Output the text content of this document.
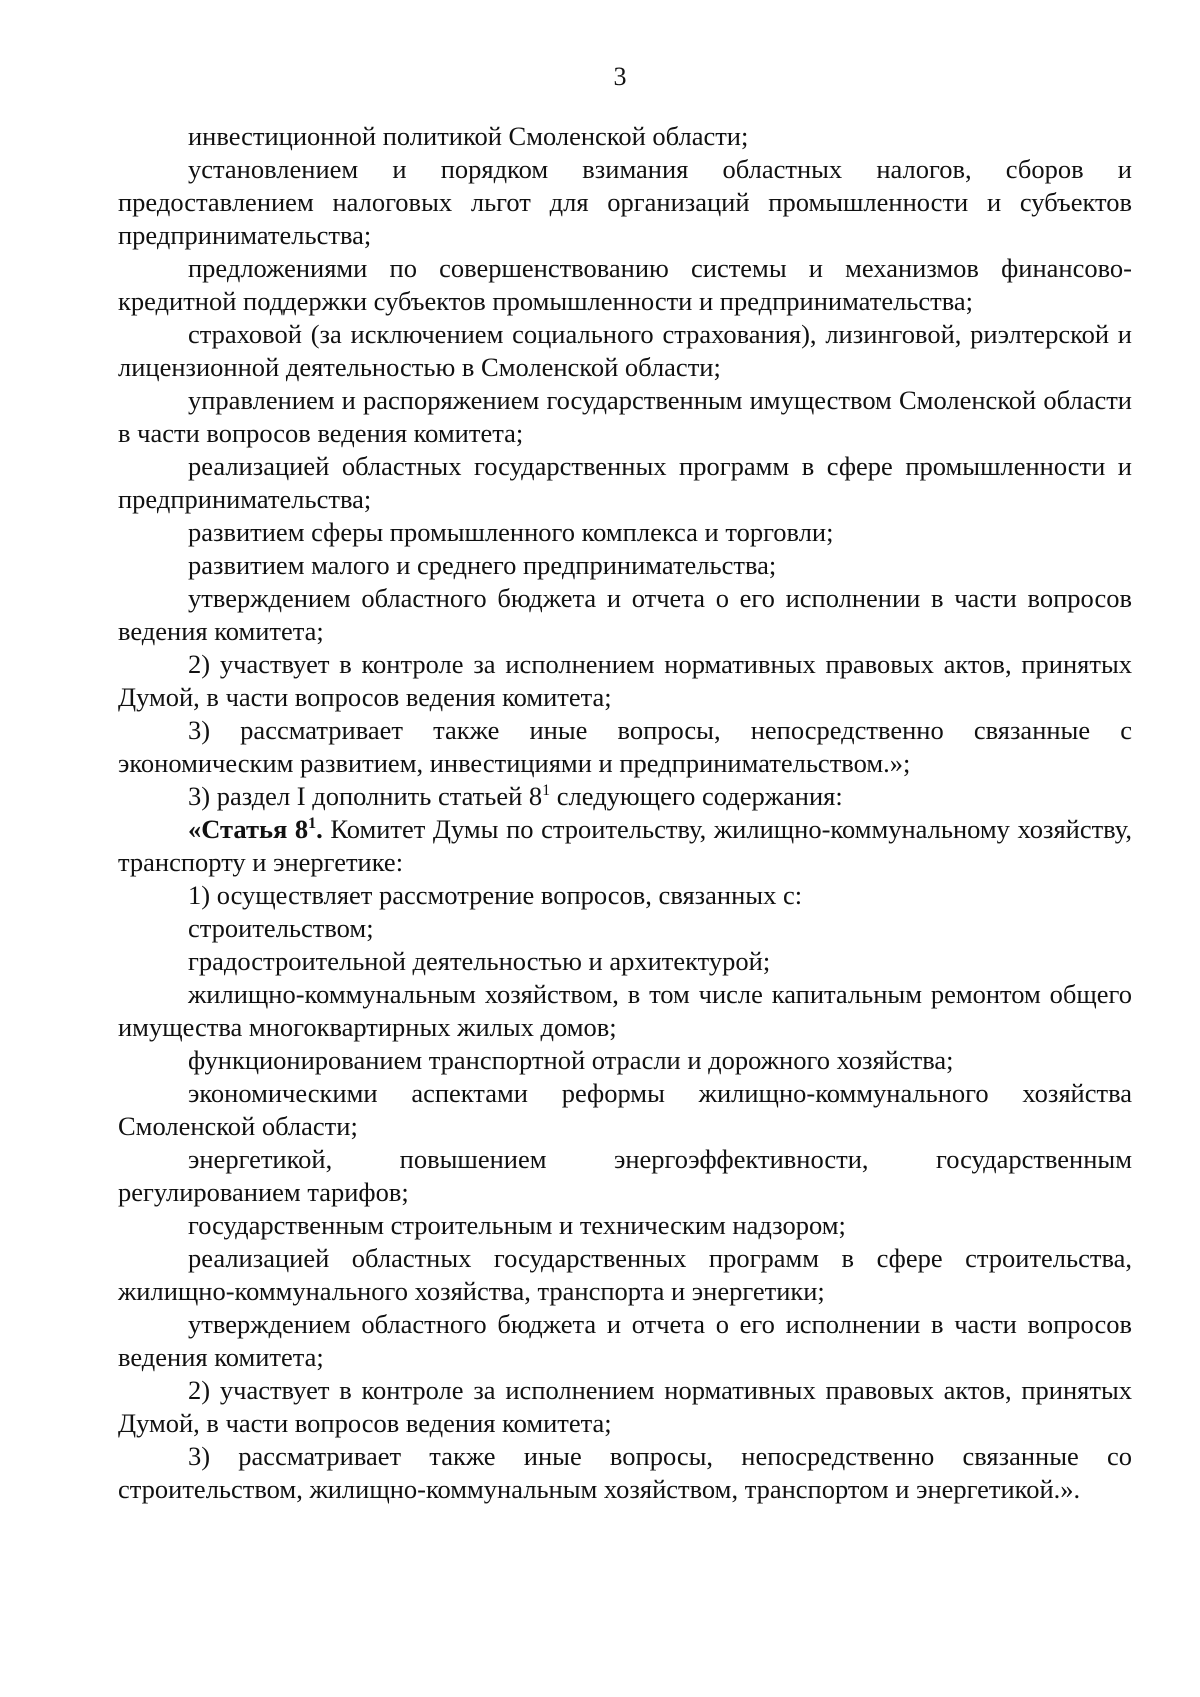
3

инвестиционной политикой Смоленской области;

установлением и порядком взимания областных налогов, сборов и предоставлением налоговых льгот для организаций промышленности и субъектов предпринимательства;

предложениями по совершенствованию системы и механизмов финансово-кредитной поддержки субъектов промышленности и предпринимательства;

страховой (за исключением социального страхования), лизинговой, риэлтерской и лицензионной деятельностью в Смоленской области;

управлением и распоряжением государственным имуществом Смоленской области в части вопросов ведения комитета;

реализацией областных государственных программ в сфере промышленности и предпринимательства;

развитием сферы промышленного комплекса и торговли;

развитием малого и среднего предпринимательства;

утверждением областного бюджета и отчета о его исполнении в части вопросов ведения комитета;

2) участвует в контроле за исполнением нормативных правовых актов, принятых Думой, в части вопросов ведения комитета;

3) рассматривает также иные вопросы, непосредственно связанные с экономическим развитием, инвестициями и предпринимательством.»;

3) раздел I дополнить статьей $8^1$ следующего содержания:

«Статья $8^1$. Комитет Думы по строительству, жилищно-коммунальному хозяйству, транспорту и энергетике:

1) осуществляет рассмотрение вопросов, связанных с:

строительством;

градостроительной деятельностью и архитектурой;

жилищно-коммунальным хозяйством, в том числе капитальным ремонтом общего имущества многоквартирных жилых домов;

функционированием транспортной отрасли и дорожного хозяйства;

экономическими аспектами реформы жилищно-коммунального хозяйства Смоленской области;

энергетикой, повышением энергоэффективности, государственным регулированием тарифов;

государственным строительным и техническим надзором;

реализацией областных государственных программ в сфере строительства, жилищно-коммунального хозяйства, транспорта и энергетики;

утверждением областного бюджета и отчета о его исполнении в части вопросов ведения комитета;

2) участвует в контроле за исполнением нормативных правовых актов, принятых Думой, в части вопросов ведения комитета;

3) рассматривает также иные вопросы, непосредственно связанные со строительством, жилищно-коммунальным хозяйством, транспортом и энергетикой.».
